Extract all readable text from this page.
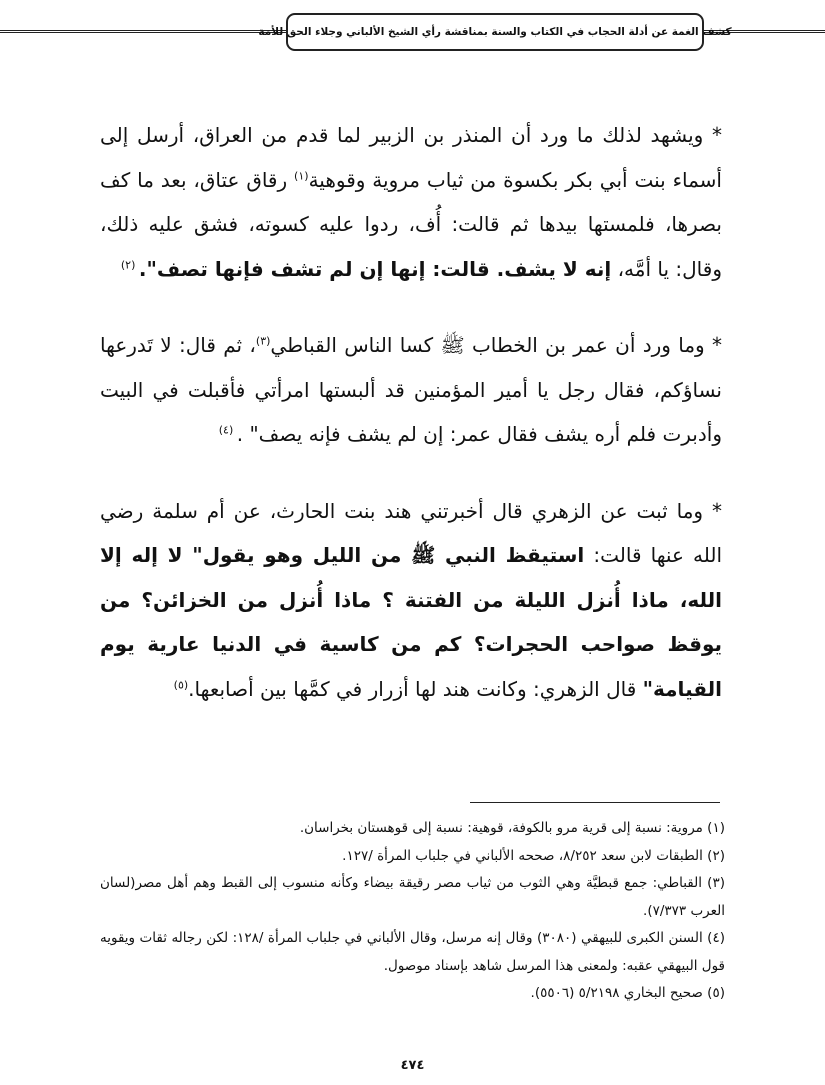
كشف الغمة عن أدلة الحجاب في الكتاب والسنة بمناقشة رأي الشيخ الألباني وجلاء الحق للأمة

* ويشهد لذلك ما ورد أن المنذر بن الزبير لما قدم من العراق، أرسل إلى أسماء بنت أبي بكر بكسوة من ثياب مروية وقوهية$^{(١)}$ رقاق عتاق، بعد ما كف بصرها، فلمستها بيدها ثم قالت: أُف، ردوا عليه كسوته، فشق عليه ذلك، وقال: يا أمَّه، إنه لا يشف. قالت: إنها إن لم تشف فإنها تصف". $^{(٢)}$

* وما ورد أن عمر بن الخطاب ﷺ كسا الناس القباطي$^{(٣)}$، ثم قال: لا تَدرعها نساؤكم، فقال رجل يا أمير المؤمنين قد ألبستها امرأتي فأقبلت في البيت وأدبرت فلم أره يشف فقال عمر: إن لم يشف فإنه يصف" . $^{(٤)}$

* وما ثبت عن الزهري قال أخبرتني هند بنت الحارث، عن أم سلمة رضي الله عنها قالت: استيقظ النبي ﷺ من الليل وهو يقول" لا إله إلا الله، ماذا أُنزل الليلة من الفتنة ؟ ماذا أُنزل من الخزائن؟ من يوقظ صواحب الحجرات؟ كم من كاسية في الدنيا عارية يوم القيامة" قال الزهري: وكانت هند لها أزرار في كمَّها بين أصابعها.$^{(٥)}$

(١) مروية: نسبة إلى قرية مرو بالكوفة، قوهية: نسبة إلى قوهستان بخراسان.

(٢) الطبقات لابن سعد ٨/٢٥٢، صححه الألباني في جلباب المرأة /١٢٧.

(٣) القباطي: جمع قبطيَّة وهي الثوب من ثياب مصر رقيقة بيضاء وكأنه منسوب إلى القبط وهم أهل مصر(لسان العرب ٧/٣٧٣).

(٤) السنن الكبرى للبيهقي (٣٠٨٠) وقال إنه مرسل، وقال الألباني في جلباب المرأة /١٢٨: لكن رجاله ثقات ويقويه قول البيهقي عقبه: ولمعنى هذا المرسل شاهد بإسناد موصول.

(٥) صحيح البخاري ٥/٢١٩٨ (٥٥٠٦).

٤٧٤
